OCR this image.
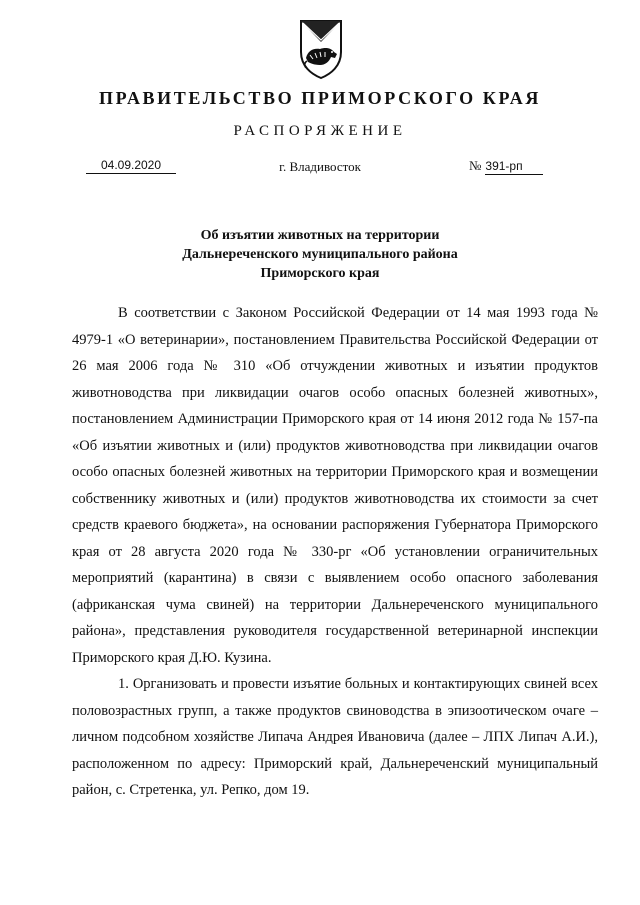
ПРАВИТЕЛЬСТВО ПРИМОРСКОГО КРАЯ
РАСПОРЯЖЕНИЕ
04.09.2020	г. Владивосток	№ 391-рп
Об изъятии животных на территории
Дальнереченского муниципального района
Приморского края

В соответствии с Законом Российской Федерации от 14 мая 1993 года № 4979-1 «О ветеринарии», постановлением Правительства Российской Федерации от 26 мая 2006 года № 310 «Об отчуждении животных и изъятии продуктов животноводства при ликвидации очагов особо опасных болезней животных», постановлением Администрации Приморского края от 14 июня 2012 года № 157-па «Об изъятии животных и (или) продуктов животноводства при ликвидации очагов особо опасных болезней животных на территории Приморского края и возмещении собственнику животных и (или) продуктов животноводства их стоимости за счет средств краевого бюджета», на основании распоряжения Губернатора Приморского края от 28 августа 2020 года № 330-рг «Об установлении ограничительных мероприятий (карантина) в связи с выявлением особо опасного заболевания (африканская чума свиней) на территории Дальнереченского муниципального района», представления руководителя государственной ветеринарной инспекции Приморского края Д.Ю. Кузина.

1. Организовать и провести изъятие больных и контактирующих свиней всех половозрастных групп, а также продуктов свиноводства в эпизоотическом очаге – личном подсобном хозяйстве Липача Андрея Ивановича (далее – ЛПХ Липач А.И.), расположенном по адресу: Приморский край, Дальнереченский муниципальный район, с. Стретенка, ул. Репко, дом 19.
